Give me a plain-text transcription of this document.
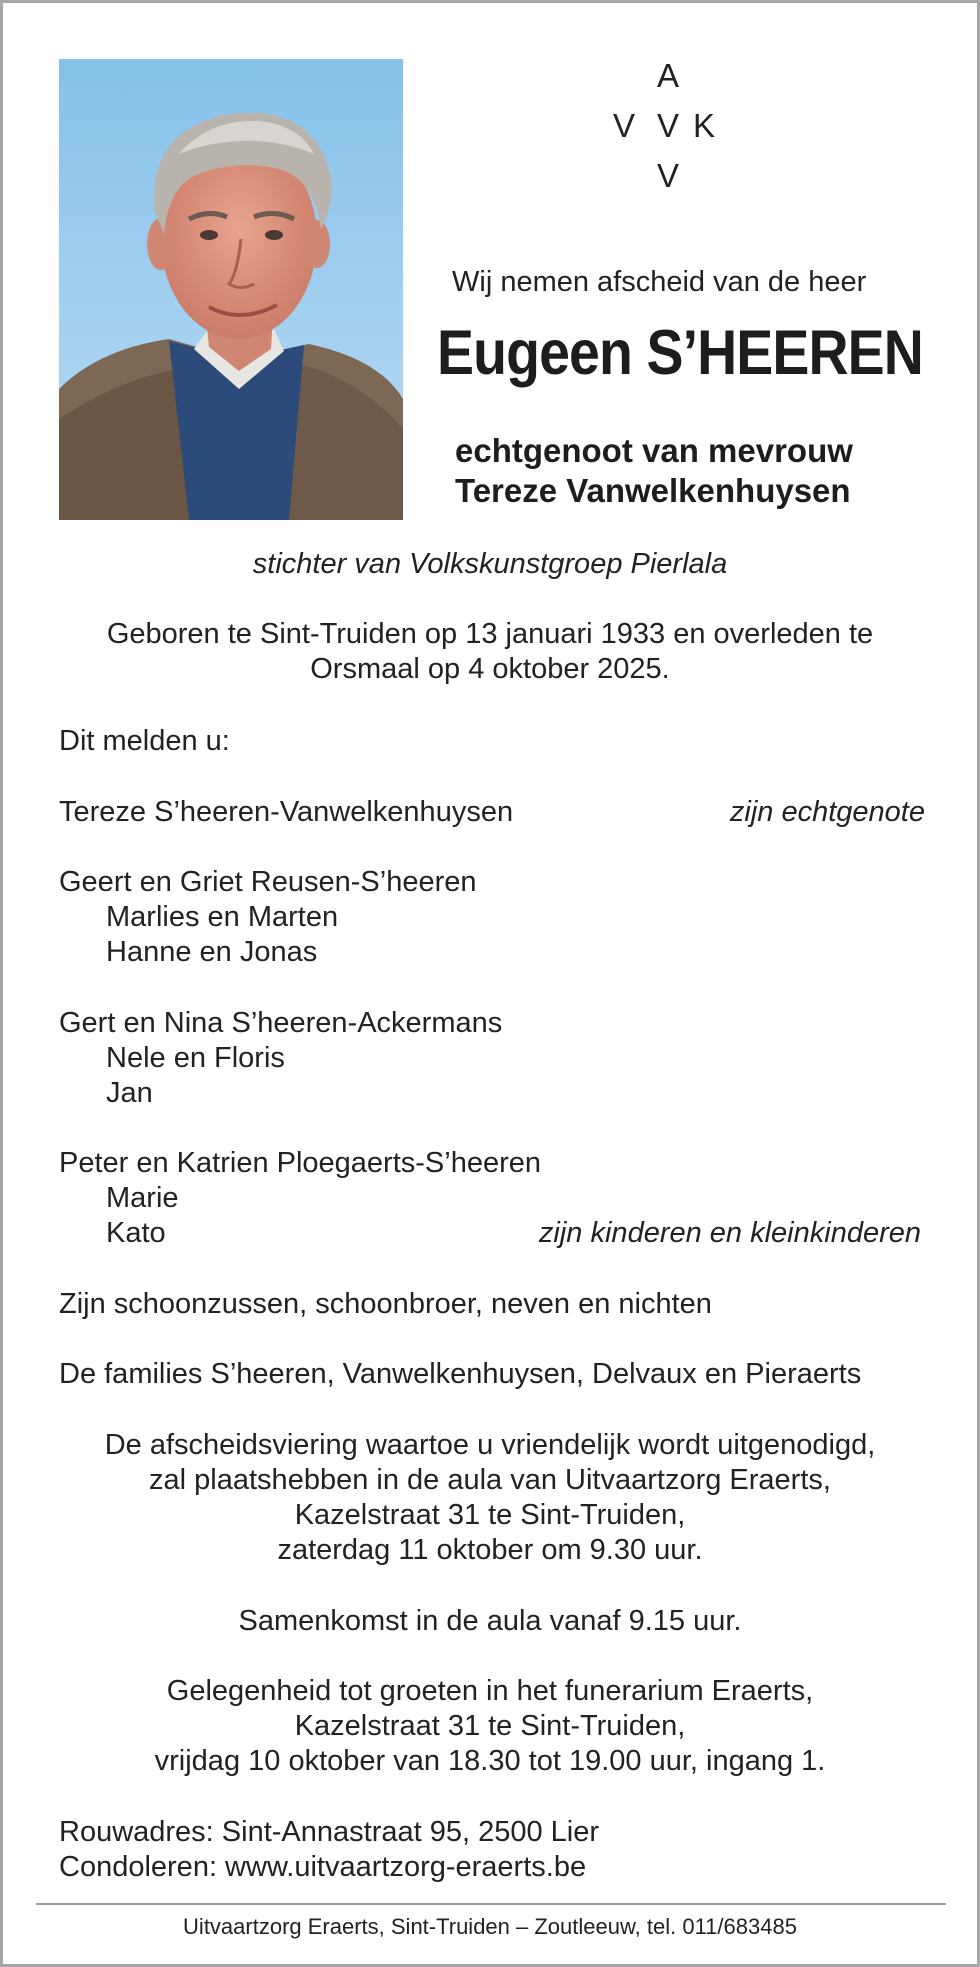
A
V V K
V
Wij nemen afscheid van de heer
Eugeen S’HEEREN
echtgenoot van mevrouw
Tereze Vanwelkenhuysen
stichter van Volkskunstgroep Pierlala
Geboren te Sint-Truiden op 13 januari 1933 en overleden te
Orsmaal op 4 oktober 2025.
Dit melden u:
Tereze S’heeren-Vanwelkenhuysen	zijn echtgenote
Geert en Griet Reusen-S’heeren
Marlies en Marten
Hanne en Jonas
Gert en Nina S’heeren-Ackermans
Nele en Floris
Jan
Peter en Katrien Ploegaerts-S’heeren
Marie
Kato	zijn kinderen en kleinkinderen
Zijn schoonzussen, schoonbroer, neven en nichten
De families S’heeren, Vanwelkenhuysen, Delvaux en Pieraerts
De afscheidsviering waartoe u vriendelijk wordt uitgenodigd,
zal plaatshebben in de aula van Uitvaartzorg Eraerts,
Kazelstraat 31 te Sint-Truiden,
zaterdag 11 oktober om 9.30 uur.
Samenkomst in de aula vanaf 9.15 uur.
Gelegenheid tot groeten in het funerarium Eraerts,
Kazelstraat 31 te Sint-Truiden,
vrijdag 10 oktober van 18.30 tot 19.00 uur, ingang 1.
Rouwadres: Sint-Annastraat 95, 2500 Lier
Condoleren: www.uitvaartzorg-eraerts.be
Uitvaartzorg Eraerts, Sint-Truiden – Zoutleeuw, tel. 011/683485
